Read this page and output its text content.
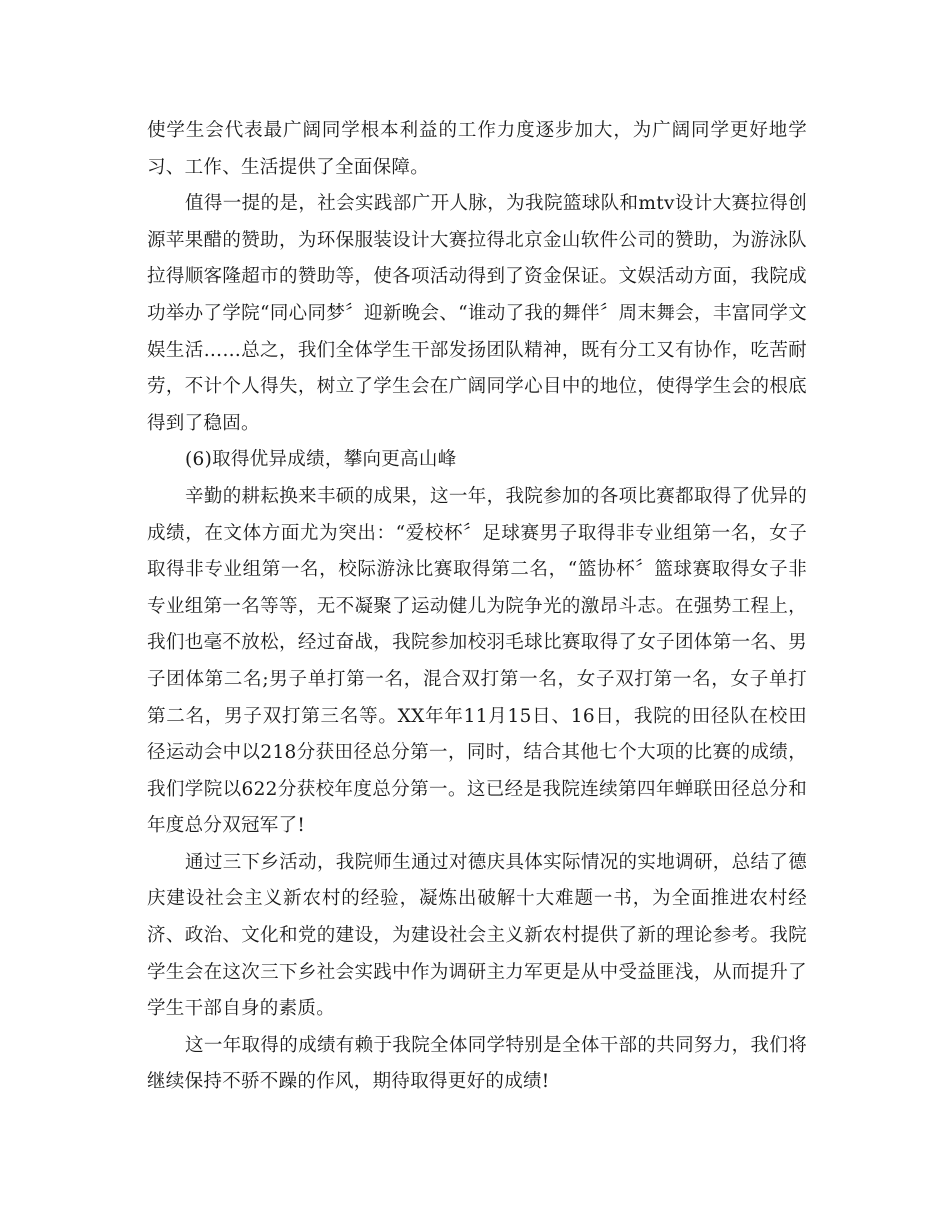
使学生会代表最广阔同学根本利益的工作力度逐步加大，为广阔同学更好地学习、工作、生活提供了全面保障。

值得一提的是，社会实践部广开人脉，为我院篮球队和mtv设计大赛拉得创源苹果醋的赞助，为环保服装设计大赛拉得北京金山软件公司的赞助，为游泳队拉得顺客隆超市的赞助等，使各项活动得到了资金保证。文娱活动方面，我院成功举办了学院“同心同梦〞迎新晚会、“谁动了我的舞伴〞周末舞会，丰富同学文娱生活……总之，我们全体学生干部发扬团队精神，既有分工又有协作，吃苦耐劳，不计个人得失，树立了学生会在广阔同学心目中的地位，使得学生会的根底得到了稳固。

(6)取得优异成绩，攀向更高山峰

辛勤的耕耘换来丰硕的成果，这一年，我院参加的各项比赛都取得了优异的成绩，在文体方面尤为突出：“爱校杯〞足球赛男子取得非专业组第一名，女子取得非专业组第一名，校际游泳比赛取得第二名，“篮协杯〞篮球赛取得女子非专业组第一名等等，无不凝聚了运动健儿为院争光的激昂斗志。在强势工程上，我们也毫不放松，经过奋战，我院参加校羽毛球比赛取得了女子团体第一名、男子团体第二名;男子单打第一名，混合双打第一名，女子双打第一名，女子单打第二名，男子双打第三名等。XX年年11月15日、16日，我院的田径队在校田径运动会中以218分获田径总分第一，同时，结合其他七个大项的比赛的成绩，我们学院以622分获校年度总分第一。这已经是我院连续第四年蝉联田径总分和年度总分双冠军了!

通过三下乡活动，我院师生通过对德庆具体实际情况的实地调研，总结了德庆建设社会主义新农村的经验，凝炼出破解十大难题一书，为全面推进农村经济、政治、文化和党的建设，为建设社会主义新农村提供了新的理论参考。我院学生会在这次三下乡社会实践中作为调研主力军更是从中受益匪浅，从而提升了学生干部自身的素质。

这一年取得的成绩有赖于我院全体同学特别是全体干部的共同努力，我们将继续保持不骄不躁的作风，期待取得更好的成绩!
